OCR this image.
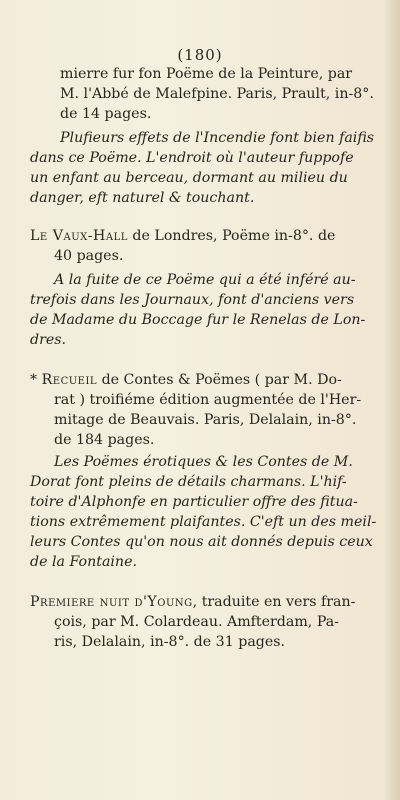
(180)
mierre fur fon Poëme de la Peinture, par
M. l'Abbé de Malefpine. Paris, Prault, in-8°.
de 14 pages.
Plufieurs effets de l'Incendie font bien faifis
dans ce Poëme. L'endroit où l'auteur fuppofe
un enfant au berceau, dormant au milieu du
danger, eft naturel & touchant.
Le Vaux-Hall de Londres, Poëme in-8°. de
40 pages.
A la fuite de ce Poëme qui a été inféré au-
trefois dans les Journaux, font d'anciens vers
de Madame du Boccage fur le Renelas de Lon-
dres.
* Recueil de Contes & Poëmes ( par M. Do-
rat ) troifiéme édition augmentée de l'Her-
mitage de Beauvais. Paris, Delalain, in-8°.
de 184 pages.
Les Poëmes érotiques & les Contes de M.
Dorat font pleins de détails charmans. L'hif-
toire d'Alphonfe en particulier offre des fitua-
tions extrêmement plaifantes. C'eft un des meil-
leurs Contes qu'on nous ait donnés depuis ceux
de la Fontaine.
Premiere nuit d'Young, traduite en vers fran-
çois, par M. Colardeau. Amfterdam, Pa-
ris, Delalain, in-8°. de 31 pages.
